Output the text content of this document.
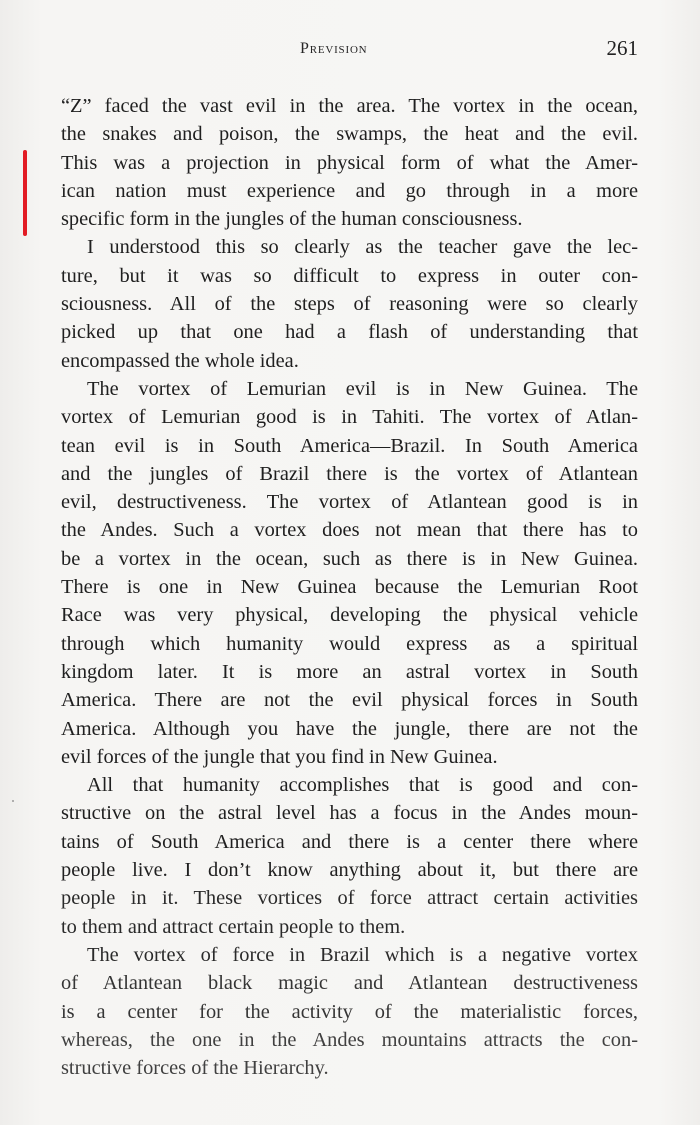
Prevision	261
“Z” faced the vast evil in the area. The vortex in the ocean,
the snakes and poison, the swamps, the heat and the evil.
This was a projection in physical form of what the Amer-
ican nation must experience and go through in a more
specific form in the jungles of the human consciousness.
I understood this so clearly as the teacher gave the lec-
ture, but it was so difficult to express in outer con-
sciousness. All of the steps of reasoning were so clearly
picked up that one had a flash of understanding that
encompassed the whole idea.
The vortex of Lemurian evil is in New Guinea. The
vortex of Lemurian good is in Tahiti. The vortex of Atlan-
tean evil is in South America—Brazil. In South America
and the jungles of Brazil there is the vortex of Atlantean
evil, destructiveness. The vortex of Atlantean good is in
the Andes. Such a vortex does not mean that there has to
be a vortex in the ocean, such as there is in New Guinea.
There is one in New Guinea because the Lemurian Root
Race was very physical, developing the physical vehicle
through which humanity would express as a spiritual
kingdom later. It is more an astral vortex in South
America. There are not the evil physical forces in South
America. Although you have the jungle, there are not the
evil forces of the jungle that you find in New Guinea.
All that humanity accomplishes that is good and con-
structive on the astral level has a focus in the Andes moun-
tains of South America and there is a center there where
people live. I don’t know anything about it, but there are
people in it. These vortices of force attract certain activities
to them and attract certain people to them.
The vortex of force in Brazil which is a negative vortex
of Atlantean black magic and Atlantean destructiveness
is a center for the activity of the materialistic forces,
whereas, the one in the Andes mountains attracts the con-
structive forces of the Hierarchy.
